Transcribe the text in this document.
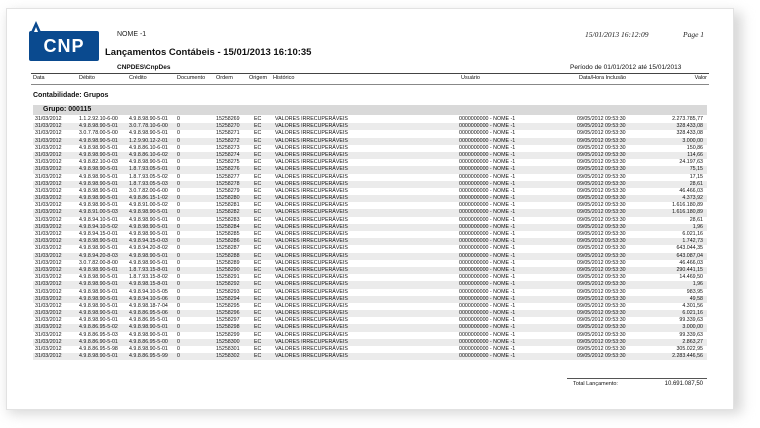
CNP
NOME -1	15/01/2013 16:12:09	Page 1
Lançamentos Contábeis - 15/01/2013 16:10:35
CNPDES\CnpDes	Período de 01/01/2012 até 15/01/2013
Data	Débito	Crédito	Documento Ordem	Origem Histórico	Usuário	Data/Hora Inclusão	Valor
Contabilidade: Grupos
Grupo: 000115
31/03/2012	1.1.2.92.10-6-00 4.9.8.98.90-5-01 0	15258269	EC	VALORES IRRECUPERÁVEIS	0000000000 - NOME -1	09/05/2012 09:53:30	2.273.785,77
31/03/2012	4.9.8.98.90-5-01 3.0.7.78.10-6-00 0	15258270	EC	VALORES IRRECUPERÁVEIS	0000000000 - NOME -1	09/05/2012 09:53:30	328.433,08
31/03/2012	3.0.7.78.00-5-00 4.9.8.98.90-5-01 0	15258271	EC	VALORES IRRECUPERÁVEIS	0000000000 - NOME -1	09/05/2012 09:53:30	328.433,08
31/03/2012	4.9.8.98.90-5-01 1.2.9.90.12-2-01 0	15258272	EC	VALORES IRRECUPERÁVEIS	0000000000 - NOME -1	09/05/2012 09:53:30	3.000,00
31/03/2012	4.9.8.98.90-5-01 4.9.8.86.10-6-01 0	15258273	EC	VALORES IRRECUPERÁVEIS	0000000000 - NOME -1	09/05/2012 09:53:30	150,86
31/03/2012	4.9.8.98.90-5-01 4.9.8.86.10-6-02 0	15258274	EC	VALORES IRRECUPERÁVEIS	0000000000 - NOME -1	09/05/2012 09:53:30	114,66
31/03/2012	4.9.8.82.10-0-03 4.9.8.98.90-5-01 0	15258275	EC	VALORES IRRECUPERÁVEIS	0000000000 - NOME -1	09/05/2012 09:53:30	24.197,63
31/03/2012	4.9.8.98.90-5-01 1.8.7.93.05-5-01 0	15258276	EC	VALORES IRRECUPERÁVEIS	0000000000 - NOME -1	09/05/2012 09:53:30	75,15
31/03/2012	4.9.8.98.90-5-01 1.8.7.93.05-5-02 0	15258277	EC	VALORES IRRECUPERÁVEIS	0000000000 - NOME -1	09/05/2012 09:53:30	17,15
31/03/2012	4.9.8.98.90-5-01 1.8.7.93.05-5-03 0	15258278	EC	VALORES IRRECUPERÁVEIS	0000000000 - NOME -1	09/05/2012 09:53:30	28,61
31/03/2012	4.9.8.98.90-5-01 3.0.7.82.00-6-00 0	15258279	EC	VALORES IRRECUPERÁVEIS	0000000000 - NOME -1	09/05/2012 09:53:30	46.466,03
31/03/2012	4.9.8.98.90-5-01 4.9.8.86.15-1-02 0	15258280	EC	VALORES IRRECUPERÁVEIS	0000000000 - NOME -1	09/05/2012 09:53:30	4.373,92
31/03/2012	4.9.8.98.90-5-01 4.9.8.91.00-5-02 0	15258281	EC	VALORES IRRECUPERÁVEIS	0000000000 - NOME -1	09/05/2012 09:53:30	1.616.180,89
31/03/2012	4.9.8.91.00-5-03 4.9.8.98.90-5-01 0	15258282	EC	VALORES IRRECUPERÁVEIS	0000000000 - NOME -1	09/05/2012 09:53:30	1.616.180,89
31/03/2012	4.9.8.94.10-5-01 4.9.8.98.90-5-01 0	15258283	EC	VALORES IRRECUPERÁVEIS	0000000000 - NOME -1	09/05/2012 09:53:30	28,61
31/03/2012	4.9.8.94.10-5-02 4.9.8.98.90-5-01 0	15258284	EC	VALORES IRRECUPERÁVEIS	0000000000 - NOME -1	09/05/2012 09:53:30	1,96
31/03/2012	4.9.8.94.15-0-01 4.9.8.98.90-5-01 0	15258285	EC	VALORES IRRECUPERÁVEIS	0000000000 - NOME -1	09/05/2012 09:53:30	6.021,16
31/03/2012	4.9.8.98.90-5-01 4.9.8.94.15-0-03 0	15258286	EC	VALORES IRRECUPERÁVEIS	0000000000 - NOME -1	09/05/2012 09:53:30	1.742,73
31/03/2012	4.9.8.98.90-5-01 4.9.8.94.20-8-02 0	15258287	EC	VALORES IRRECUPERÁVEIS	0000000000 - NOME -1	09/05/2012 09:53:30	643.044,35
31/03/2012	4.9.8.94.20-8-03 4.9.8.98.90-5-01 0	15258288	EC	VALORES IRRECUPERÁVEIS	0000000000 - NOME -1	09/05/2012 09:53:30	643.087,04
31/03/2012	3.0.7.82.00-8-00 4.9.8.98.90-5-01 0	15258289	EC	VALORES IRRECUPERÁVEIS	0000000000 - NOME -1	09/05/2012 09:53:30	46.466,03
31/03/2012	4.9.8.98.90-5-01 1.8.7.93.15-8-01 0	15258290	EC	VALORES IRRECUPERÁVEIS	0000000000 - NOME -1	09/05/2012 09:53:30	290.441,15
31/03/2012	4.9.8.98.90-5-01 1.8.7.93.15-8-02 0	15258291	EC	VALORES IRRECUPERÁVEIS	0000000000 - NOME -1	09/05/2012 09:53:30	14.469,50
31/03/2012	4.9.8.98.90-5-01 4.9.8.98.15-8-01 0	15258292	EC	VALORES IRRECUPERÁVEIS	0000000000 - NOME -1	09/05/2012 09:53:30	1,96
31/03/2012	4.9.8.98.90-5-01 4.9.8.94.10-5-05 0	15258293	EC	VALORES IRRECUPERÁVEIS	0000000000 - NOME -1	09/05/2012 09:53:30	983,95
31/03/2012	4.9.8.98.90-5-01 4.9.8.94.10-5-06 0	15258294	EC	VALORES IRRECUPERÁVEIS	0000000000 - NOME -1	09/05/2012 09:53:30	49,58
31/03/2012	4.9.8.98.90-5-01 4.9.8.98.18-7-04 0	15258295	EC	VALORES IRRECUPERÁVEIS	0000000000 - NOME -1	09/05/2012 09:53:30	4.301,56
31/03/2012	4.9.8.98.90-5-01 4.9.8.86.95-5-06 0	15258296	EC	VALORES IRRECUPERÁVEIS	0000000000 - NOME -1	09/05/2012 09:53:30	6.021,16
31/03/2012	4.9.8.98.90-5-01 4.9.8.86.95-5-01 0	15258297	EC	VALORES IRRECUPERÁVEIS	0000000000 - NOME -1	09/05/2012 09:53:30	99.339,63
31/03/2012	4.9.8.86.95-5-02 4.9.8.98.90-5-01 0	15258298	EC	VALORES IRRECUPERÁVEIS	0000000000 - NOME -1	09/05/2012 09:53:30	3.000,00
31/03/2012	4.9.8.86.95-5-03 4.9.8.98.90-5-01 0	15258299	EC	VALORES IRRECUPERÁVEIS	0000000000 - NOME -1	09/05/2012 09:53:30	99.339,63
31/03/2012	4.9.8.86.90-5-01 4.9.8.86.95-5-00 0	15258300	EC	VALORES IRRECUPERÁVEIS	0000000000 - NOME -1	09/05/2012 09:53:30	2.863,27
31/03/2012	4.9.8.86.95-5-98 4.9.8.98.90-5-01 0	15258301	EC	VALORES IRRECUPERÁVEIS	0000000000 - NOME -1	09/05/2012 09:53:30	305.022,95
31/03/2012	4.9.8.98.90-5-01 4.9.8.86.95-5-99 0	15258302	EC	VALORES IRRECUPERÁVEIS	0000000000 - NOME -1	09/05/2012 09:53:30	2.283.446,56
Total Lançamento:	10.691.087,50
